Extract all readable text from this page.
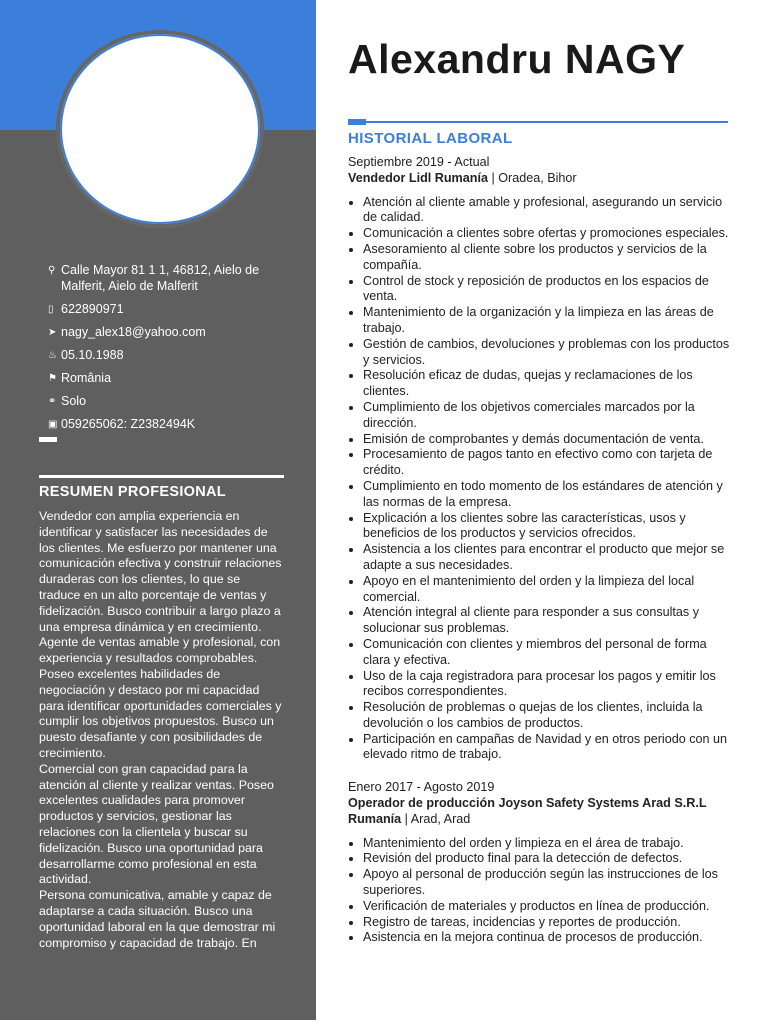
⚲ Calle Mayor 81 1 1, 46812, Aielo de Malferit, Aielo de Malferit
▯ 622890971
➤ nagy_alex18@yahoo.com
♨ 05.10.1988
⚑ România
⚭ Solo
▣ 059265062: Z2382494K
RESUMEN PROFESIONAL

Vendedor con amplia experiencia en identificar y satisfacer las necesidades de los clientes. Me esfuerzo por mantener una comunicación efectiva y construir relaciones duraderas con los clientes, lo que se traduce en un alto porcentaje de ventas y fidelización. Busco contribuir a largo plazo a una empresa dinámica y en crecimiento.

Agente de ventas amable y profesional, con experiencia y resultados comprobables. Poseo excelentes habilidades de negociación y destaco por mi capacidad para identificar oportunidades comerciales y cumplir los objetivos propuestos. Busco un puesto desafiante y con posibilidades de crecimiento.

Comercial con gran capacidad para la atención al cliente y realizar ventas. Poseo excelentes cualidades para promover productos y servicios, gestionar las relaciones con la clientela y buscar su fidelización. Busco una oportunidad para desarrollarme como profesional en esta actividad.

Persona comunicativa, amable y capaz de adaptarse a cada situación. Busco una oportunidad laboral en la que demostrar mi compromiso y capacidad de trabajo. En

Alexandru NAGY
HISTORIAL LABORAL

Septiembre 2019 - Actual

Vendedor Lidl Rumanía | Oradea, Bihor

• Atención al cliente amable y profesional, asegurando un servicio de calidad.
• Comunicación a clientes sobre ofertas y promociones especiales.
• Asesoramiento al cliente sobre los productos y servicios de la compañía.
• Control de stock y reposición de productos en los espacios de venta.
• Mantenimiento de la organización y la limpieza en las áreas de trabajo.
• Gestión de cambios, devoluciones y problemas con los productos y servicios.
• Resolución eficaz de dudas, quejas y reclamaciones de los clientes.
• Cumplimiento de los objetivos comerciales marcados por la dirección.
• Emisión de comprobantes y demás documentación de venta.
• Procesamiento de pagos tanto en efectivo como con tarjeta de crédito.
• Cumplimiento en todo momento de los estándares de atención y las normas de la empresa.
• Explicación a los clientes sobre las características, usos y beneficios de los productos y servicios ofrecidos.
• Asistencia a los clientes para encontrar el producto que mejor se adapte a sus necesidades.
• Apoyo en el mantenimiento del orden y la limpieza del local comercial.
• Atención integral al cliente para responder a sus consultas y solucionar sus problemas.
• Comunicación con clientes y miembros del personal de forma clara y efectiva.
• Uso de la caja registradora para procesar los pagos y emitir los recibos correspondientes.
• Resolución de problemas o quejas de los clientes, incluida la devolución o los cambios de productos.
• Participación en campañas de Navidad y en otros periodo con un elevado ritmo de trabajo.

Enero 2017 - Agosto 2019

Operador de producción Joyson Safety Systems Arad S.R.L Rumanía | Arad, Arad

• Mantenimiento del orden y limpieza en el área de trabajo.
• Revisión del producto final para la detección de defectos.
• Apoyo al personal de producción según las instrucciones de los superiores.
• Verificación de materiales y productos en línea de producción.
• Registro de tareas, incidencias y reportes de producción.
• Asistencia en la mejora continua de procesos de producción.
